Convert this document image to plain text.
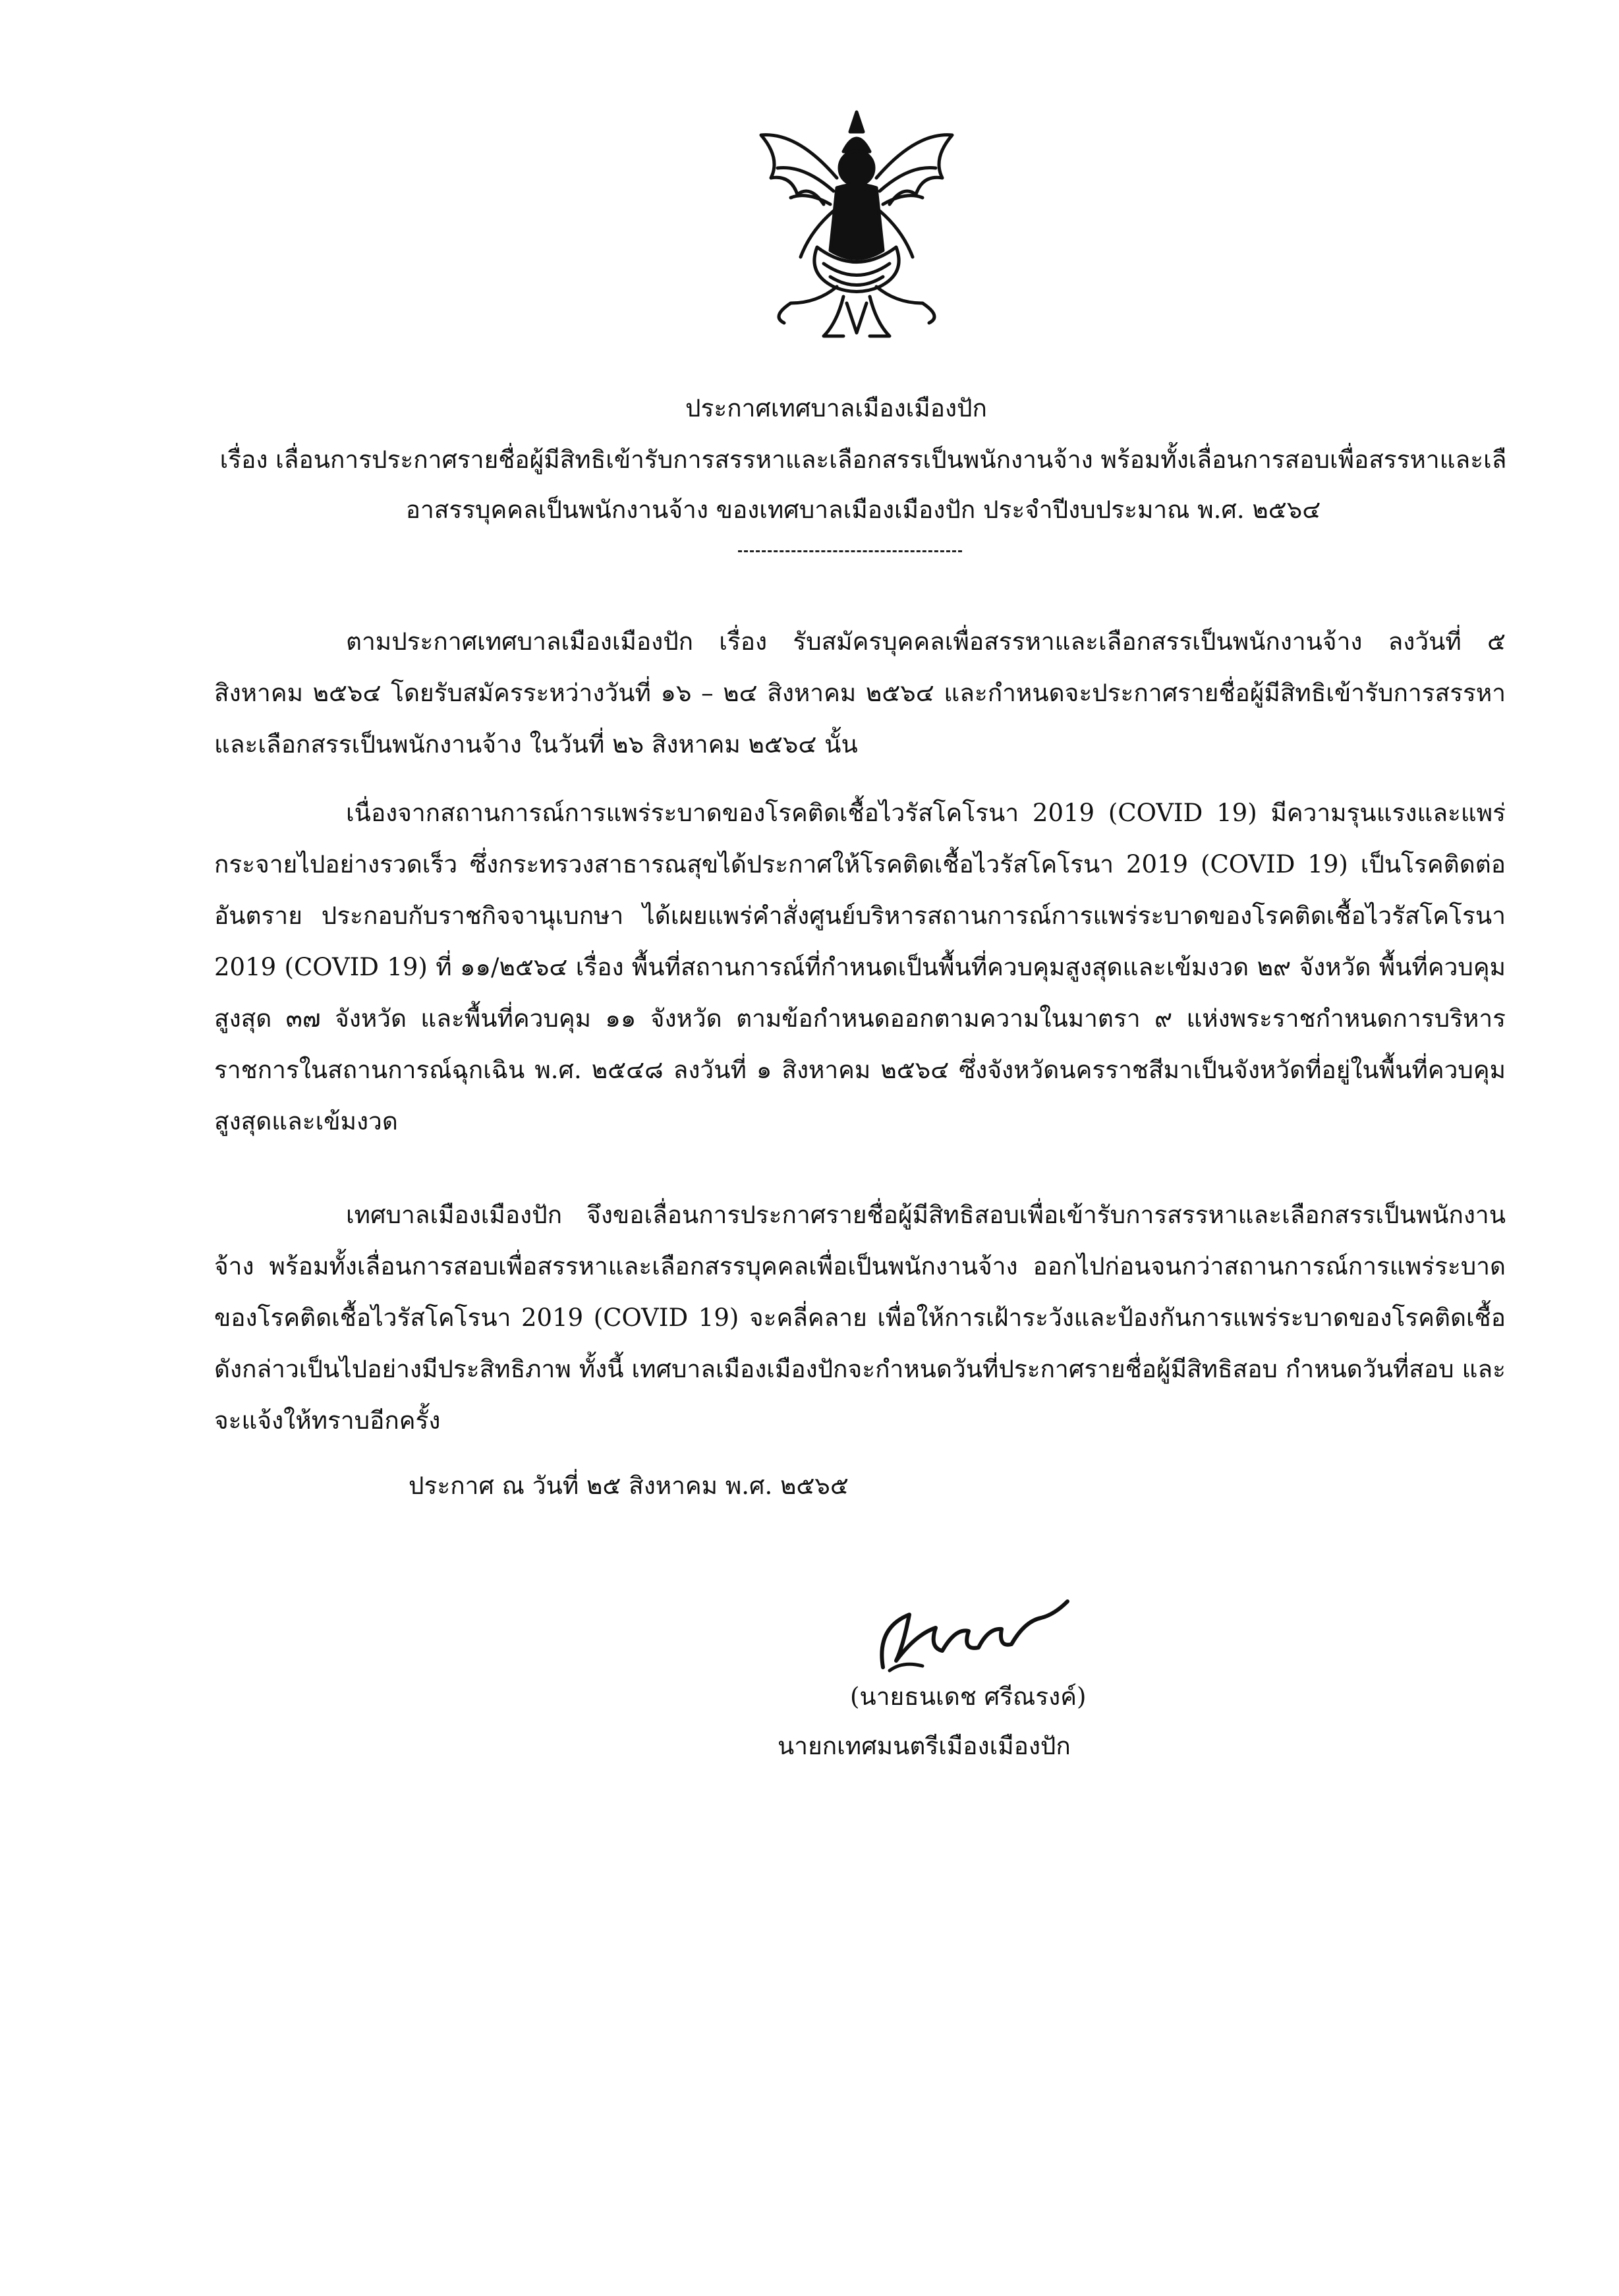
ประกาศเทศบาลเมืองเมืองปัก
เรื่อง เลื่อนการประกาศรายชื่อผู้มีสิทธิเข้ารับการสรรหาและเลือกสรรเป็นพนักงานจ้าง พร้อมทั้งเลื่อนการสอบเพื่อสรรหาและเลือาสรรบุคคลเป็นพนักงานจ้าง ของเทศบาลเมืองเมืองปัก ประจำปีงบประมาณ พ.ศ. ๒๕๖๔
ตามประกาศเทศบาลเมืองเมืองปัก เรื่อง รับสมัครบุคคลเพื่อสรรหาและเลือกสรรเป็นพนักงานจ้าง ลงวันที่ ๕ สิงหาคม ๒๕๖๔ โดยรับสมัครระหว่างวันที่ ๑๖ – ๒๔ สิงหาคม ๒๕๖๔ และกำหนดจะประกาศรายชื่อผู้มีสิทธิเข้ารับการสรรหาและเลือกสรรเป็นพนักงานจ้าง ในวันที่ ๒๖ สิงหาคม ๒๕๖๔ นั้น
เนื่องจากสถานการณ์การแพร่ระบาดของโรคติดเชื้อไวรัสโคโรนา 2019 (COVID 19) มีความรุนแรงและแพร่กระจายไปอย่างรวดเร็ว ซึ่งกระทรวงสาธารณสุขได้ประกาศให้โรคติดเชื้อไวรัสโคโรนา 2019 (COVID 19) เป็นโรคติดต่ออันตราย ประกอบกับราชกิจจานุเบกษา ได้เผยแพร่คำสั่งศูนย์บริหารสถานการณ์การแพร่ระบาดของโรคติดเชื้อไวรัสโคโรนา 2019 (COVID 19) ที่ ๑๑/๒๕๖๔ เรื่อง พื้นที่สถานการณ์ที่กำหนดเป็นพื้นที่ควบคุมสูงสุดและเข้มงวด ๒๙ จังหวัด พื้นที่ควบคุมสูงสุด ๓๗ จังหวัด และพื้นที่ควบคุม ๑๑ จังหวัด ตามข้อกำหนดออกตามความในมาตรา ๙ แห่งพระราชกำหนดการบริหารราชการในสถานการณ์ฉุกเฉิน พ.ศ. ๒๕๔๘ ลงวันที่ ๑ สิงหาคม ๒๕๖๔ ซึ่งจังหวัดนครราชสีมาเป็นจังหวัดที่อยู่ในพื้นที่ควบคุมสูงสุดและเข้มงวด
เทศบาลเมืองเมืองปัก จึงขอเลื่อนการประกาศรายชื่อผู้มีสิทธิสอบเพื่อเข้ารับการสรรหาและเลือกสรรเป็นพนักงานจ้าง พร้อมทั้งเลื่อนการสอบเพื่อสรรหาและเลือกสรรบุคคลเพื่อเป็นพนักงานจ้าง ออกไปก่อนจนกว่าสถานการณ์การแพร่ระบาดของโรคติดเชื้อไวรัสโคโรนา 2019 (COVID 19) จะคลี่คลาย เพื่อให้การเฝ้าระวังและป้องกันการแพร่ระบาดของโรคติดเชื้อดังกล่าวเป็นไปอย่างมีประสิทธิภาพ ทั้งนี้ เทศบาลเมืองเมืองปักจะกำหนดวันที่ประกาศรายชื่อผู้มีสิทธิสอบ กำหนดวันที่สอบ และจะแจ้งให้ทราบอีกครั้ง
ประกาศ ณ วันที่ ๒๕ สิงหาคม พ.ศ. ๒๕๖๕
(นายธนเดช ศรีณรงค์)
นายกเทศมนตรีเมืองเมืองปัก
